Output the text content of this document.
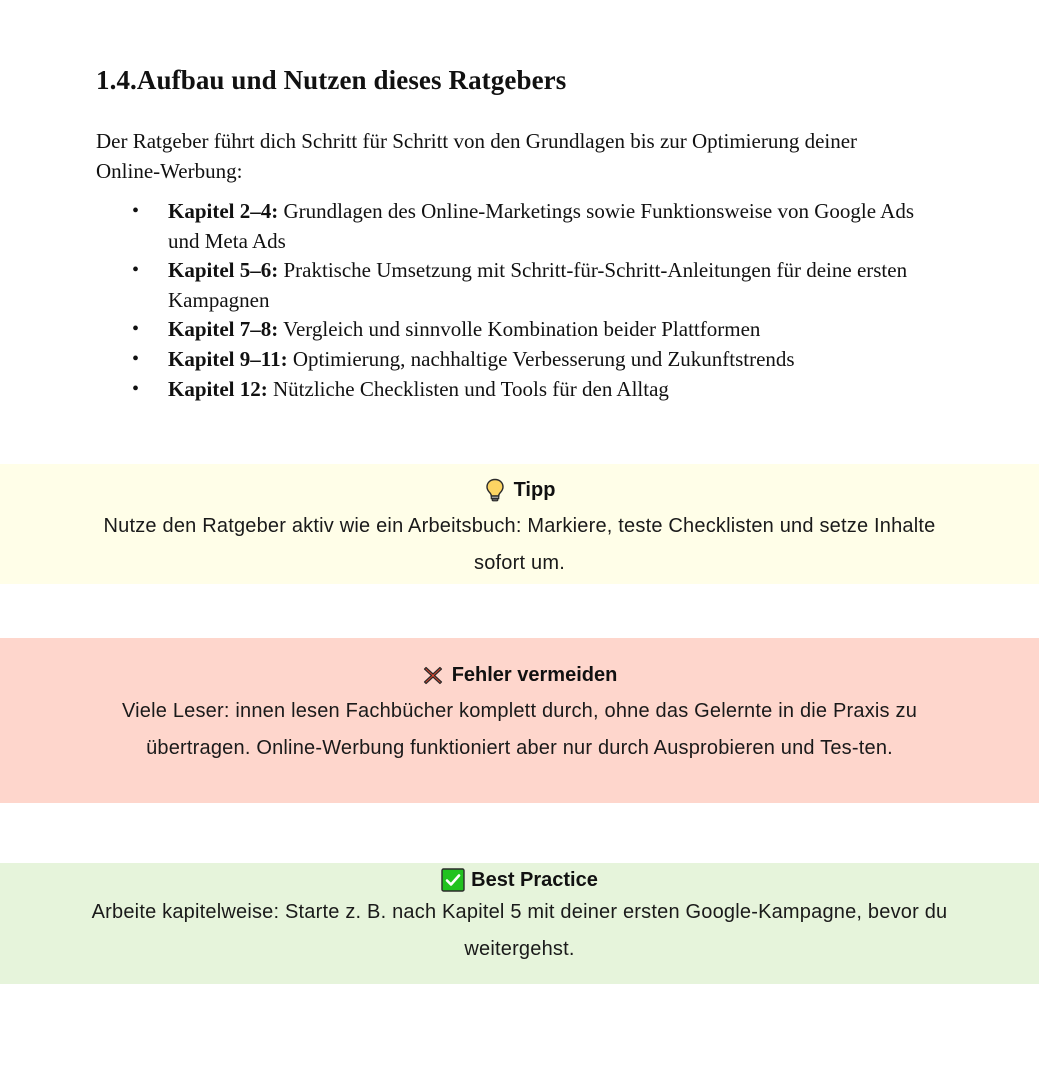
1.4.Aufbau und Nutzen dieses Ratgebers

Der Ratgeber führt dich Schritt für Schritt von den Grundlagen bis zur Optimierung deiner Online-Werbung:

• Kapitel 2–4: Grundlagen des Online-Marketings sowie Funktionsweise von Google Ads und Meta Ads
• Kapitel 5–6: Praktische Umsetzung mit Schritt-für-Schritt-Anleitungen für deine ersten Kampagnen
• Kapitel 7–8: Vergleich und sinnvolle Kombination beider Plattformen
• Kapitel 9–11: Optimierung, nachhaltige Verbesserung und Zukunftstrends
• Kapitel 12: Nützliche Checklisten und Tools für den Alltag
Tipp
Nutze den Ratgeber aktiv wie ein Arbeitsbuch: Markiere, teste Checklisten und setze Inhalte sofort um.
Fehler vermeiden
Viele Leser: innen lesen Fachbücher komplett durch, ohne das Gelernte in die Praxis zu übertragen. Online-Werbung funktioniert aber nur durch Ausprobieren und Tes-ten.
Best Practice
Arbeite kapitelweise: Starte z. B. nach Kapitel 5 mit deiner ersten Google-Kampagne, bevor du weitergehst.
